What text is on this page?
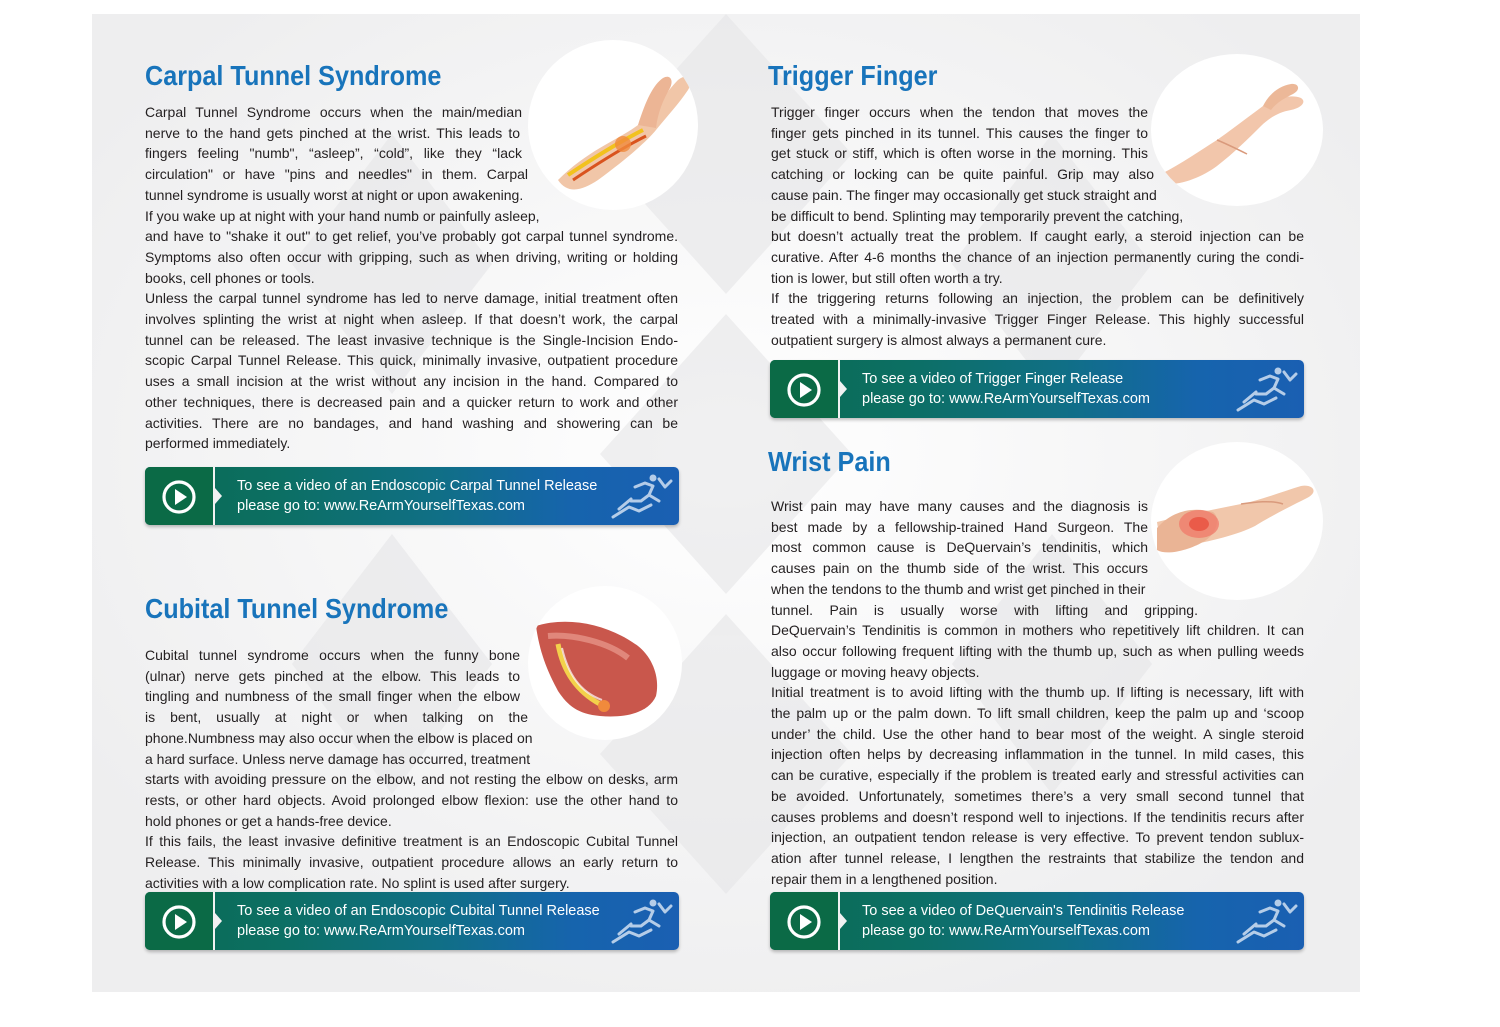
Carpal Tunnel Syndrome
Carpal Tunnel Syndrome occurs when the main/median
nerve to the hand gets pinched at the wrist. This leads to
fingers feeling "numb", “asleep”, “cold”, like they “lack
circulation" or have "pins and needles" in them. Carpal
tunnel syndrome is usually worst at night or upon awakening.
If you wake up at night with your hand numb or painfully asleep,
and have to "shake it out" to get relief, you’ve probably got carpal tunnel syndrome.
Symptoms also often occur with gripping, such as when driving, writing or holding
books, cell phones or tools.
Unless the carpal tunnel syndrome has led to nerve damage, initial treatment often
involves splinting the wrist at night when asleep. If that doesn’t work, the carpal
tunnel can be released. The least invasive technique is the Single-Incision Endo-
scopic Carpal Tunnel Release. This quick, minimally invasive, outpatient procedure
uses a small incision at the wrist without any incision in the hand. Compared to
other techniques, there is decreased pain and a quicker return to work and other
activities. There are no bandages, and hand washing and showering can be
performed immediately.
To see a video of an Endoscopic Carpal Tunnel Release
please go to: www.ReArmYourselfTexas.com
Cubital Tunnel Syndrome
Cubital tunnel syndrome occurs when the funny bone
(ulnar) nerve gets pinched at the elbow. This leads to
tingling and numbness of the small finger when the elbow
is bent, usually at night or when talking on the
phone.Numbness may also occur when the elbow is placed on
a hard surface. Unless nerve damage has occurred, treatment
starts with avoiding pressure on the elbow, and not resting the elbow on desks, arm
rests, or other hard objects. Avoid prolonged elbow flexion: use the other hand to
hold phones or get a hands-free device.
If this fails, the least invasive definitive treatment is an Endoscopic Cubital Tunnel
Release. This minimally invasive, outpatient procedure allows an early return to
activities with a low complication rate. No splint is used after surgery.
To see a video of an Endoscopic Cubital Tunnel Release
please go to: www.ReArmYourselfTexas.com
Trigger Finger
Trigger finger occurs when the tendon that moves the
finger gets pinched in its tunnel. This causes the finger to
get stuck or stiff, which is often worse in the morning. This
catching or locking can be quite painful. Grip may also
cause pain. The finger may occasionally get stuck straight and
be difficult to bend. Splinting may temporarily prevent the catching,
but doesn’t actually treat the problem. If caught early, a steroid injection can be
curative. After 4-6 months the chance of an injection permanently curing the condi-
tion is lower, but still often worth a try.
If the triggering returns following an injection, the problem can be definitively
treated with a minimally-invasive Trigger Finger Release. This highly successful
outpatient surgery is almost always a permanent cure.
To see a video of Trigger Finger Release
please go to: www.ReArmYourselfTexas.com
Wrist Pain
Wrist pain may have many causes and the diagnosis is
best made by a fellowship-trained Hand Surgeon. The
most common cause is DeQuervain’s tendinitis, which
causes pain on the thumb side of the wrist. This occurs
when the tendons to the thumb and wrist get pinched in their
tunnel. Pain is usually worse with lifting and gripping.
DeQuervain’s Tendinitis is common in mothers who repetitively lift children. It can
also occur following frequent lifting with the thumb up, such as when pulling weeds
luggage or moving heavy objects.
Initial treatment is to avoid lifting with the thumb up. If lifting is necessary, lift with
the palm up or the palm down. To lift small children, keep the palm up and ‘scoop
under’ the child. Use the other hand to bear most of the weight. A single steroid
injection often helps by decreasing inflammation in the tunnel. In mild cases, this
can be curative, especially if the problem is treated early and stressful activities can
be avoided. Unfortunately, sometimes there’s a very small second tunnel that
causes problems and doesn’t respond well to injections. If the tendinitis recurs after
injection, an outpatient tendon release is very effective. To prevent tendon sublux-
ation after tunnel release, I lengthen the restraints that stabilize the tendon and
repair them in a lengthened position.
To see a video of DeQuervain's Tendinitis Release
please go to: www.ReArmYourselfTexas.com
